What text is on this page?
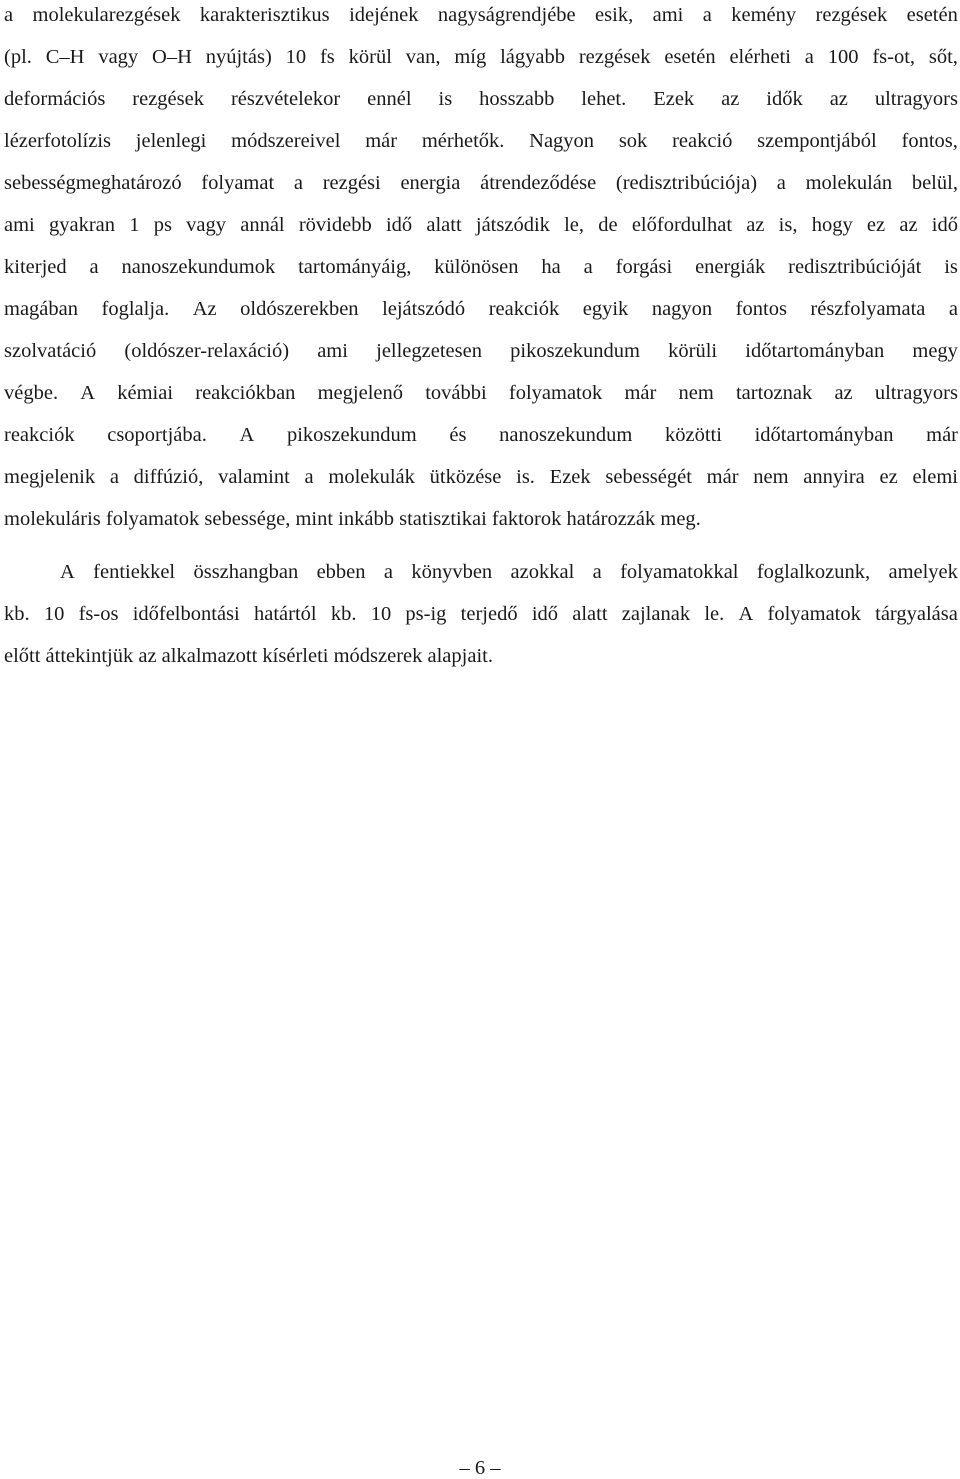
a molekularezgések karakterisztikus idejének nagyságrendjébe esik, ami a kemény rezgések esetén
(pl. C–H vagy O–H nyújtás) 10 fs körül van, míg lágyabb rezgések esetén elérheti a 100 fs-ot, sőt,
deformációs rezgések részvételekor ennél is hosszabb lehet. Ezek az idők az ultragyors
lézerfotolízis jelenlegi módszereivel már mérhetők. Nagyon sok reakció szempontjából fontos,
sebességmeghatározó folyamat a rezgési energia átrendeződése (redisztribúciója) a molekulán belül,
ami gyakran 1 ps vagy annál rövidebb idő alatt játszódik le, de előfordulhat az is, hogy ez az idő
kiterjed a nanoszekundumok tartományáig, különösen ha a forgási energiák redisztribúcióját is
magában foglalja. Az oldószerekben lejátszódó reakciók egyik nagyon fontos részfolyamata a
szolvatáció (oldószer-relaxáció) ami jellegzetesen pikoszekundum körüli időtartományban megy
végbe. A kémiai reakciókban megjelenő további folyamatok már nem tartoznak az ultragyors
reakciók csoportjába. A pikoszekundum és nanoszekundum közötti időtartományban már
megjelenik a diffúzió, valamint a molekulák ütközése is. Ezek sebességét már nem annyira ez elemi
molekuláris folyamatok sebessége, mint inkább statisztikai faktorok határozzák meg.
A fentiekkel összhangban ebben a könyvben azokkal a folyamatokkal foglalkozunk, amelyek
kb. 10 fs-os időfelbontási határtól kb. 10 ps-ig terjedő idő alatt zajlanak le. A folyamatok tárgyalása
előtt áttekintjük az alkalmazott kísérleti módszerek alapjait.
– 6 –
